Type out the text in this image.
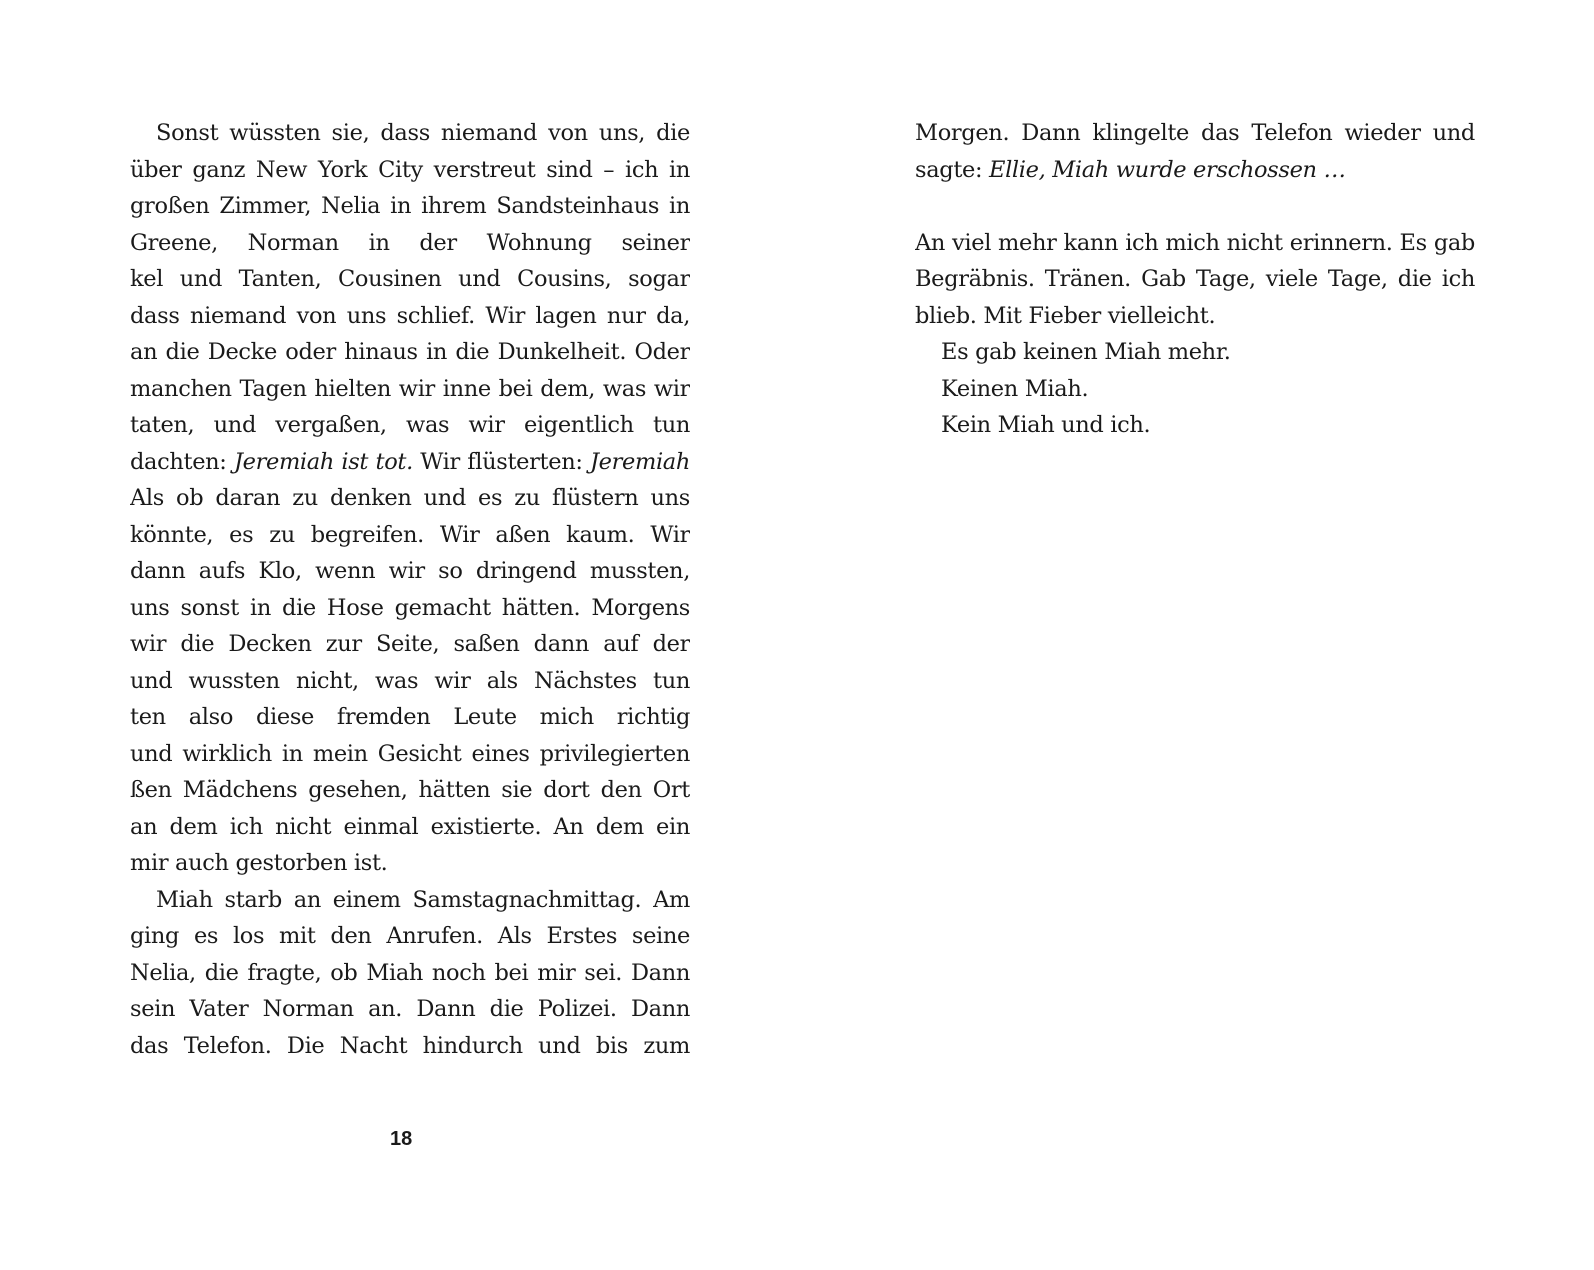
Sonst wüssten sie, dass niemand von uns, die
über ganz New York City verstreut sind – ich in
großen Zimmer, Nelia in ihrem Sandsteinhaus in
Greene, Norman in der Wohnung seiner
kel und Tanten, Cousinen und Cousins, sogar
dass niemand von uns schlief. Wir lagen nur da,
an die Decke oder hinaus in die Dunkelheit. Oder
manchen Tagen hielten wir inne bei dem, was wir
taten, und vergaßen, was wir eigentlich tun
dachten: Jeremiah ist tot. Wir flüsterten: Jeremiah
Als ob daran zu denken und es zu flüstern uns
könnte, es zu begreifen. Wir aßen kaum. Wir
dann aufs Klo, wenn wir so dringend mussten,
uns sonst in die Hose gemacht hätten. Morgens
wir die Decken zur Seite, saßen dann auf der
und wussten nicht, was wir als Nächstes tun
ten also diese fremden Leute mich richtig
und wirklich in mein Gesicht eines privilegierten
ßen Mädchens gesehen, hätten sie dort den Ort
an dem ich nicht einmal existierte. An dem ein
mir auch gestorben ist.
Miah starb an einem Samstagnachmittag. Am
ging es los mit den Anrufen. Als Erstes seine
Nelia, die fragte, ob Miah noch bei mir sei. Dann
sein Vater Norman an. Dann die Polizei. Dann
das Telefon. Die Nacht hindurch und bis zum
18
Morgen. Dann klingelte das Telefon wieder und
sagte: Ellie, Miah wurde erschossen …
An viel mehr kann ich mich nicht erinnern. Es gab
Begräbnis. Tränen. Gab Tage, viele Tage, die ich
blieb. Mit Fieber vielleicht.
Es gab keinen Miah mehr.
Keinen Miah.
Kein Miah und ich.
